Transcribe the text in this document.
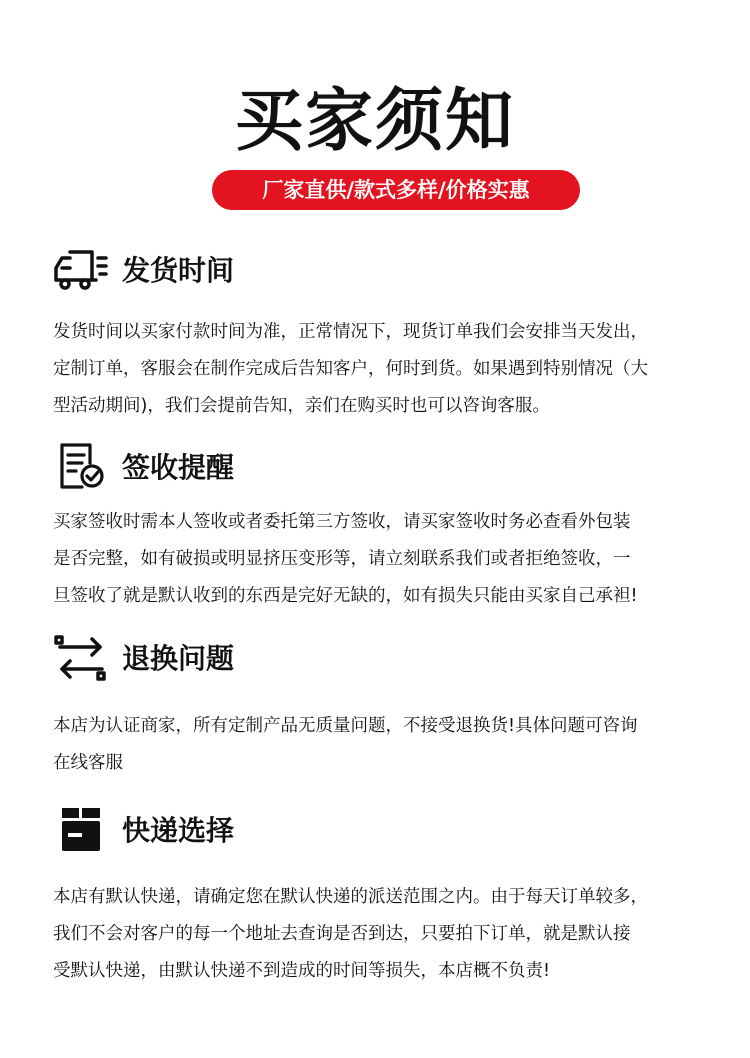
买家须知
厂家直供/款式多样/价格实惠
发货时间
发货时间以买家付款时间为准，正常情况下，现货订单我们会安排当天发出，
定制订单，客服会在制作完成后告知客户，何时到货。如果遇到特别情况（大
型活动期间)，我们会提前告知，亲们在购买时也可以咨询客服。
签收提醒
买家签收时需本人签收或者委托第三方签收，请买家签收时务必查看外包装
是否完整，如有破损或明显挤压变形等，请立刻联系我们或者拒绝签收，一
旦签收了就是默认收到的东西是完好无缺的，如有损失只能由买家自己承袒!
退换问题
本店为认证商家，所有定制产品无质量问题，不接受退换货!具体问题可咨询
在线客服
快递选择
本店有默认快递，请确定您在默认快递的派送范围之内。由于每天订单较多，
我们不会对客户的每一个地址去查询是否到达，只要拍下订单，就是默认接
受默认快递，由默认快递不到造成的时间等损失，本店概不负责!
